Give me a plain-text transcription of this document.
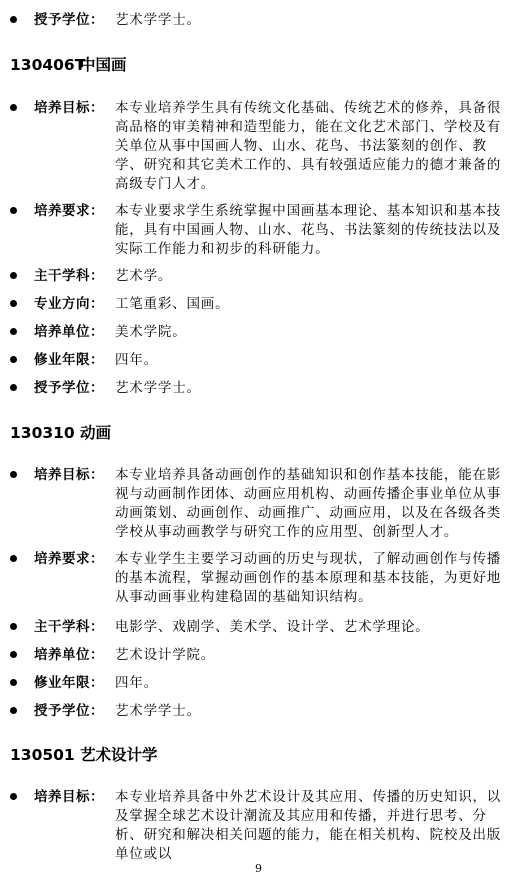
授予学位： 艺术学学士。
130406T中国画
培养目标： 本专业培养学生具有传统文化基础、传统艺术的修养，具备很高品格的审美精神和造型能力，能在文化艺术部门、学校及有关单位从事中国画人物、山水、花鸟、书法篆刻的创作、教学、研究和其它美术工作的、具有较强适应能力的德才兼备的高级专门人才。
培养要求： 本专业要求学生系统掌握中国画基本理论、基本知识和基本技能，具有中国画人物、山水、花鸟、书法篆刻的传统技法以及实际工作能力和初步的科研能力。
主干学科： 艺术学。
专业方向： 工笔重彩、国画。
培养单位： 美术学院。
修业年限： 四年。
授予学位： 艺术学学士。
130310 动画
培养目标： 本专业培养具备动画创作的基础知识和创作基本技能，能在影视与动画制作团体、动画应用机构、动画传播企事业单位从事动画策划、动画创作、动画推广、动画应用，以及在各级各类学校从事动画教学与研究工作的应用型、创新型人才。
培养要求： 本专业学生主要学习动画的历史与现状，了解动画创作与传播的基本流程，掌握动画创作的基本原理和基本技能，为更好地从事动画事业构建稳固的基础知识结构。
主干学科： 电影学、戏剧学、美术学、设计学、艺术学理论。
培养单位： 艺术设计学院。
修业年限： 四年。
授予学位： 艺术学学士。
130501 艺术设计学
培养目标： 本专业培养具备中外艺术设计及其应用、传播的历史知识，以及掌握全球艺术设计潮流及其应用和传播，并进行思考、分析、研究和解决相关问题的能力，能在相关机构、院校及出版单位或以
9
